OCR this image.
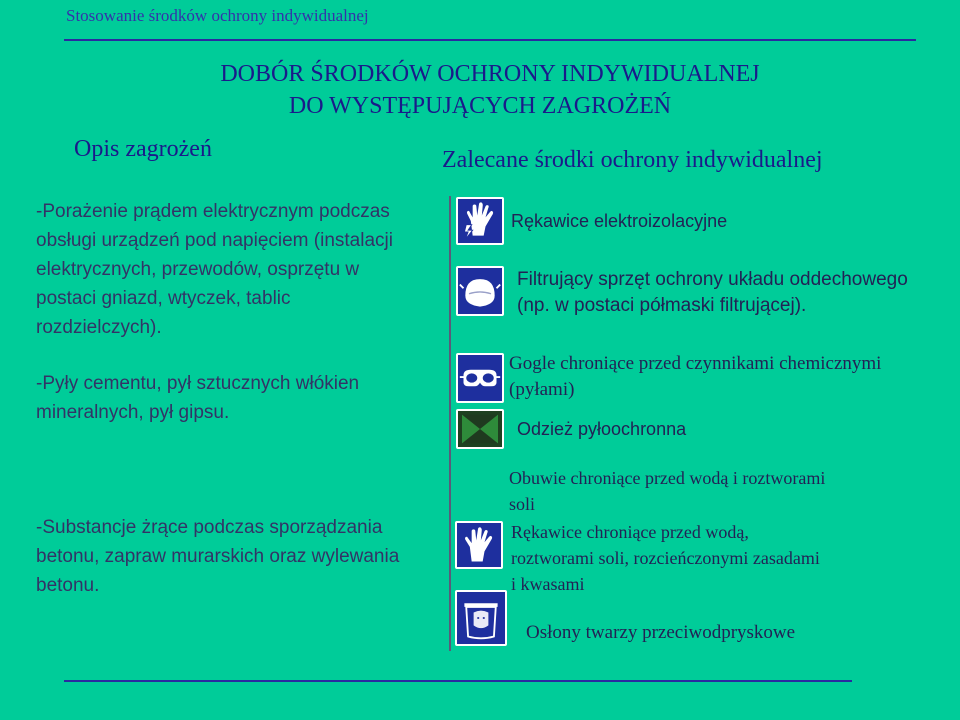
Stosowanie środków ochrony indywidualnej
DOBÓR ŚRODKÓW OCHRONY INDYWIDUALNEJ
DO WYSTĘPUJĄCYCH ZAGROŻEŃ
Opis zagrożeń	Zalecane środki ochrony indywidualnej
-Porażenie prądem elektrycznym podczas
obsługi urządzeń pod napięciem (instalacji
elektrycznych, przewodów, osprzętu w
postaci gniazd, wtyczek, tablic
rozdzielczych).
-Pyły cementu, pył sztucznych włókien
mineralnych, pył gipsu.
-Substancje żrące podczas sporządzania
betonu, zapraw murarskich oraz wylewania
betonu.
Rękawice elektroizolacyjne
Filtrujący sprzęt ochrony układu oddechowego
(np. w postaci półmaski filtrującej).
Gogle chroniące przed czynnikami chemicznymi
(pyłami)
Odzież pyłoochronna
Obuwie chroniące przed wodą i roztworami
soli
Rękawice chroniące przed wodą,
roztworami soli, rozcieńczonymi zasadami
i kwasami
Osłony twarzy przeciwodpryskowe
